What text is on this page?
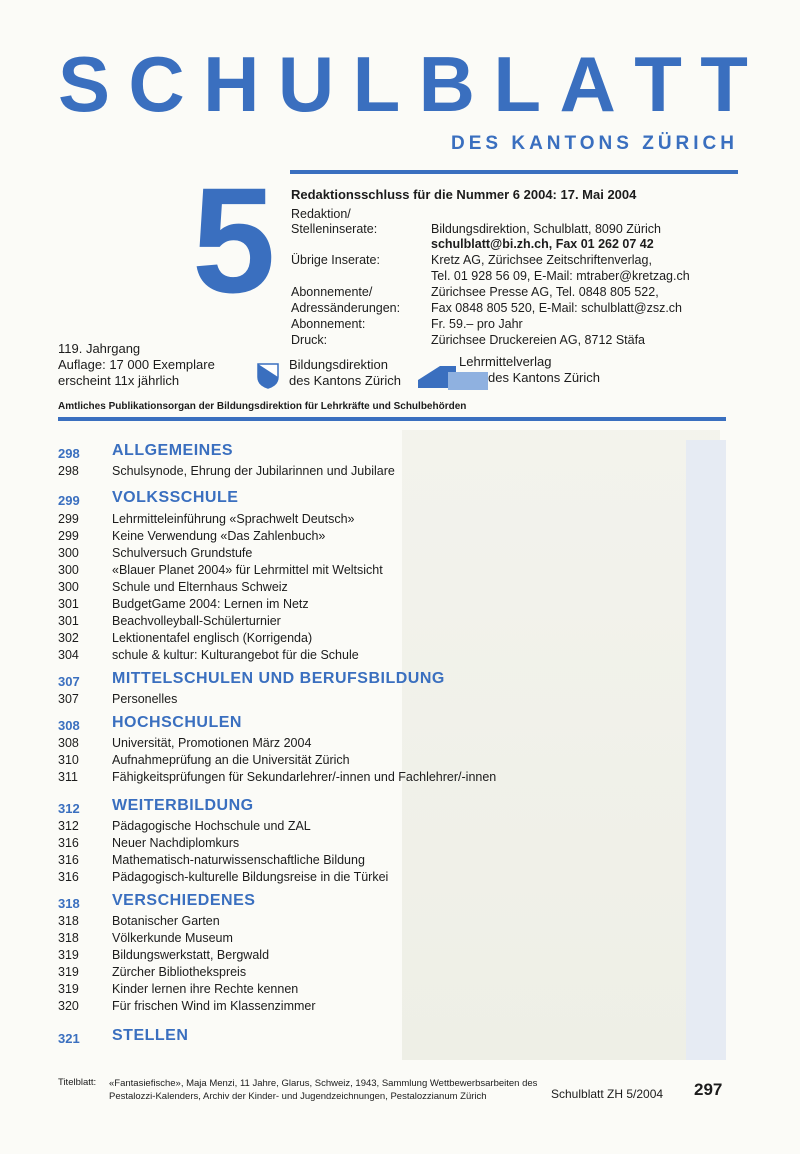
S C H U L B L A T T
DES KANTONS ZÜRICH
5 Redaktionsschluss für die Nummer 6 2004: 17. Mai 2004
Redaktion/
Stelleninserate:	Bildungsdirektion, Schulblatt, 8090 Zürich
schulblatt@bi.zh.ch, Fax 01 262 07 42
Übrige Inserate:	Kretz AG, Zürichsee Zeitschriftenverlag,
Tel. 01 928 56 09, E-Mail: mtraber@kretzag.ch
Abonnemente/	Zürichsee Presse AG, Tel. 0848 805 522,
Adressänderungen: Fax 0848 805 520, E-Mail: schulblatt@zsz.ch
Abonnement:	Fr. 59.– pro Jahr
Druck:	Zürichsee Druckereien AG, 8712 Stäfa
119. Jahrgang
Auflage: 17 000 Exemplare
erscheint 11x jährlich
Bildungsdirektion
des Kantons Zürich
Lehrmittelverlag
des Kantons Zürich
Amtliches Publikationsorgan der Bildungsdirektion für Lehrkräfte und Schulbehörden
298 ALLGEMEINES
298	Schulsynode, Ehrung der Jubilarinnen und Jubilare
299 VOLKSSCHULE
299	Lehrmitteleinführung «Sprachwelt Deutsch»
299	Keine Verwendung «Das Zahlenbuch»
300	Schulversuch Grundstufe
300	«Blauer Planet 2004» für Lehrmittel mit Weltsicht
300	Schule und Elternhaus Schweiz
301	BudgetGame 2004: Lernen im Netz
301	Beachvolleyball-Schülerturnier
302	Lektionentafel englisch (Korrigenda)
304	schule & kultur: Kulturangebot für die Schule
307 MITTELSCHULEN UND BERUFSBILDUNG
307	Personelles
308 HOCHSCHULEN
308	Universität, Promotionen März 2004
310	Aufnahmeprüfung an die Universität Zürich
311	Fähigkeitsprüfungen für Sekundarlehrer/-innen und Fachlehrer/-innen
312 WEITERBILDUNG
312	Pädagogische Hochschule und ZAL
316	Neuer Nachdiplomkurs
316	Mathematisch-naturwissenschaftliche Bildung
316	Pädagogisch-kulturelle Bildungsreise in die Türkei
318 VERSCHIEDENES
318	Botanischer Garten
318	Völkerkunde Museum
319	Bildungswerkstatt, Bergwald
319	Zürcher Bibliothekspreis
319	Kinder lernen ihre Rechte kennen
320	Für frischen Wind im Klassenzimmer
321 STELLEN
Titelblatt: «Fantasiefische», Maja Menzi, 11 Jahre, Glarus, Schweiz, 1943, Sammlung Wettbewerbsarbeiten des
Pestalozzi-Kalenders, Archiv der Kinder- und Jugendzeichnungen, Pestalozzianum Zürich	Schulblatt ZH 5/2004 297
